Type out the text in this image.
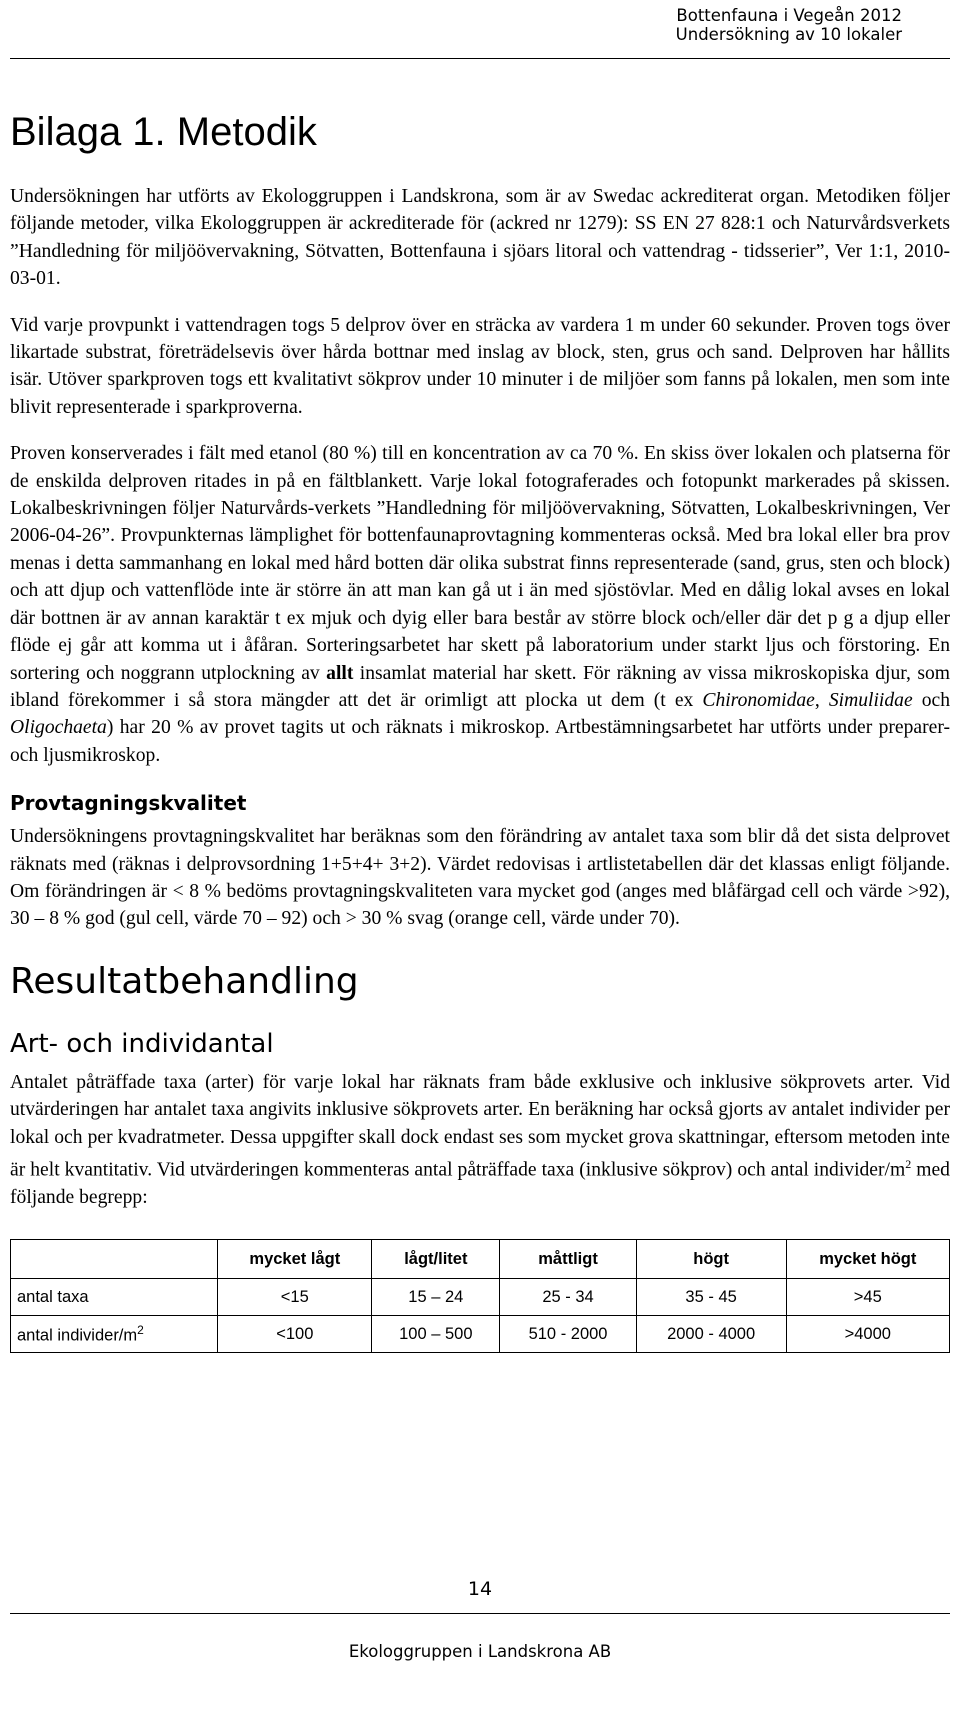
Bottenfauna i Vegeån 2012
Undersökning av 10 lokaler
Bilaga 1. Metodik

Undersökningen har utförts av Ekologgruppen i Landskrona, som är av Swedac ackrediterat organ. Metodiken följer följande metoder, vilka Ekologgruppen är ackrediterade för (ackred nr 1279): SS EN 27 828:1 och Naturvårdsverkets ”Handledning för miljöövervakning, Sötvatten, Bottenfauna i sjöars litoral och vattendrag - tidsserier”, Ver 1:1, 2010-03-01.

Vid varje provpunkt i vattendragen togs 5 delprov över en sträcka av vardera 1 m under 60 sekunder. Proven togs över likartade substrat, företrädelsevis över hårda bottnar med inslag av block, sten, grus och sand. Delproven har hållits isär. Utöver sparkproven togs ett kvalitativt sökprov under 10 minuter i de miljöer som fanns på lokalen, men som inte blivit representerade i sparkproverna.

Proven konserverades i fält med etanol (80 %) till en koncentration av ca 70 %. En skiss över lokalen och platserna för de enskilda delproven ritades in på en fältblankett. Varje lokal fotograferades och fotopunkt markerades på skissen. Lokalbeskrivningen följer Naturvårds-verkets ”Handledning för miljöövervakning, Sötvatten, Lokalbeskrivningen, Ver 2006-04-26”. Provpunkternas lämplighet för bottenfaunaprovtagning kommenteras också. Med bra lokal eller bra prov menas i detta sammanhang en lokal med hård botten där olika substrat finns representerade (sand, grus, sten och block) och att djup och vattenflöde inte är större än att man kan gå ut i än med sjöstövlar. Med en dålig lokal avses en lokal där bottnen är av annan karaktär t ex mjuk och dyig eller bara består av större block och/eller där det p g a djup eller flöde ej går att komma ut i åfåran. Sorteringsarbetet har skett på laboratorium under starkt ljus och förstoring. En sortering och noggrann utplockning av allt insamlat material har skett. För räkning av vissa mikroskopiska djur, som ibland förekommer i så stora mängder att det är orimligt att plocka ut dem (t ex Chironomidae, Simuliidae och Oligochaeta) har 20 % av provet tagits ut och räknats i mikroskop. Artbestämningsarbetet har utförts under preparer- och ljusmikroskop.

Provtagningskvalitet

Undersökningens provtagningskvalitet har beräknas som den förändring av antalet taxa som blir då det sista delprovet räknats med (räknas i delprovsordning 1+5+4+ 3+2). Värdet redovisas i artlistetabellen där det klassas enligt följande. Om förändringen är < 8 % bedöms provtagningskvaliteten vara mycket god (anges med blåfärgad cell och värde >92), 30 – 8 % god (gul cell, värde 70 – 92) och > 30 % svag (orange cell, värde under 70).

Resultatbehandling
Art- och individantal

Antalet påträffade taxa (arter) för varje lokal har räknats fram både exklusive och inklusive sökprovets arter. Vid utvärderingen har antalet taxa angivits inklusive sökprovets arter. En beräkning har också gjorts av antalet individer per lokal och per kvadratmeter. Dessa uppgifter skall dock endast ses som mycket grova skattningar, eftersom metoden inte är helt kvantitativ. Vid utvärderingen kommenteras antal påträffade taxa (inklusive sökprov) och antal individer/$m^2$ med följande begrepp:

	mycket lågt	lågt/litet	måttligt	högt	mycket högt
antal taxa	<15	15 – 24	25 - 34	35 - 45	>45
antal individer/$m^2$	<100	100 – 500	510 - 2000	2000 - 4000	>4000
14
Ekologgruppen i Landskrona AB
